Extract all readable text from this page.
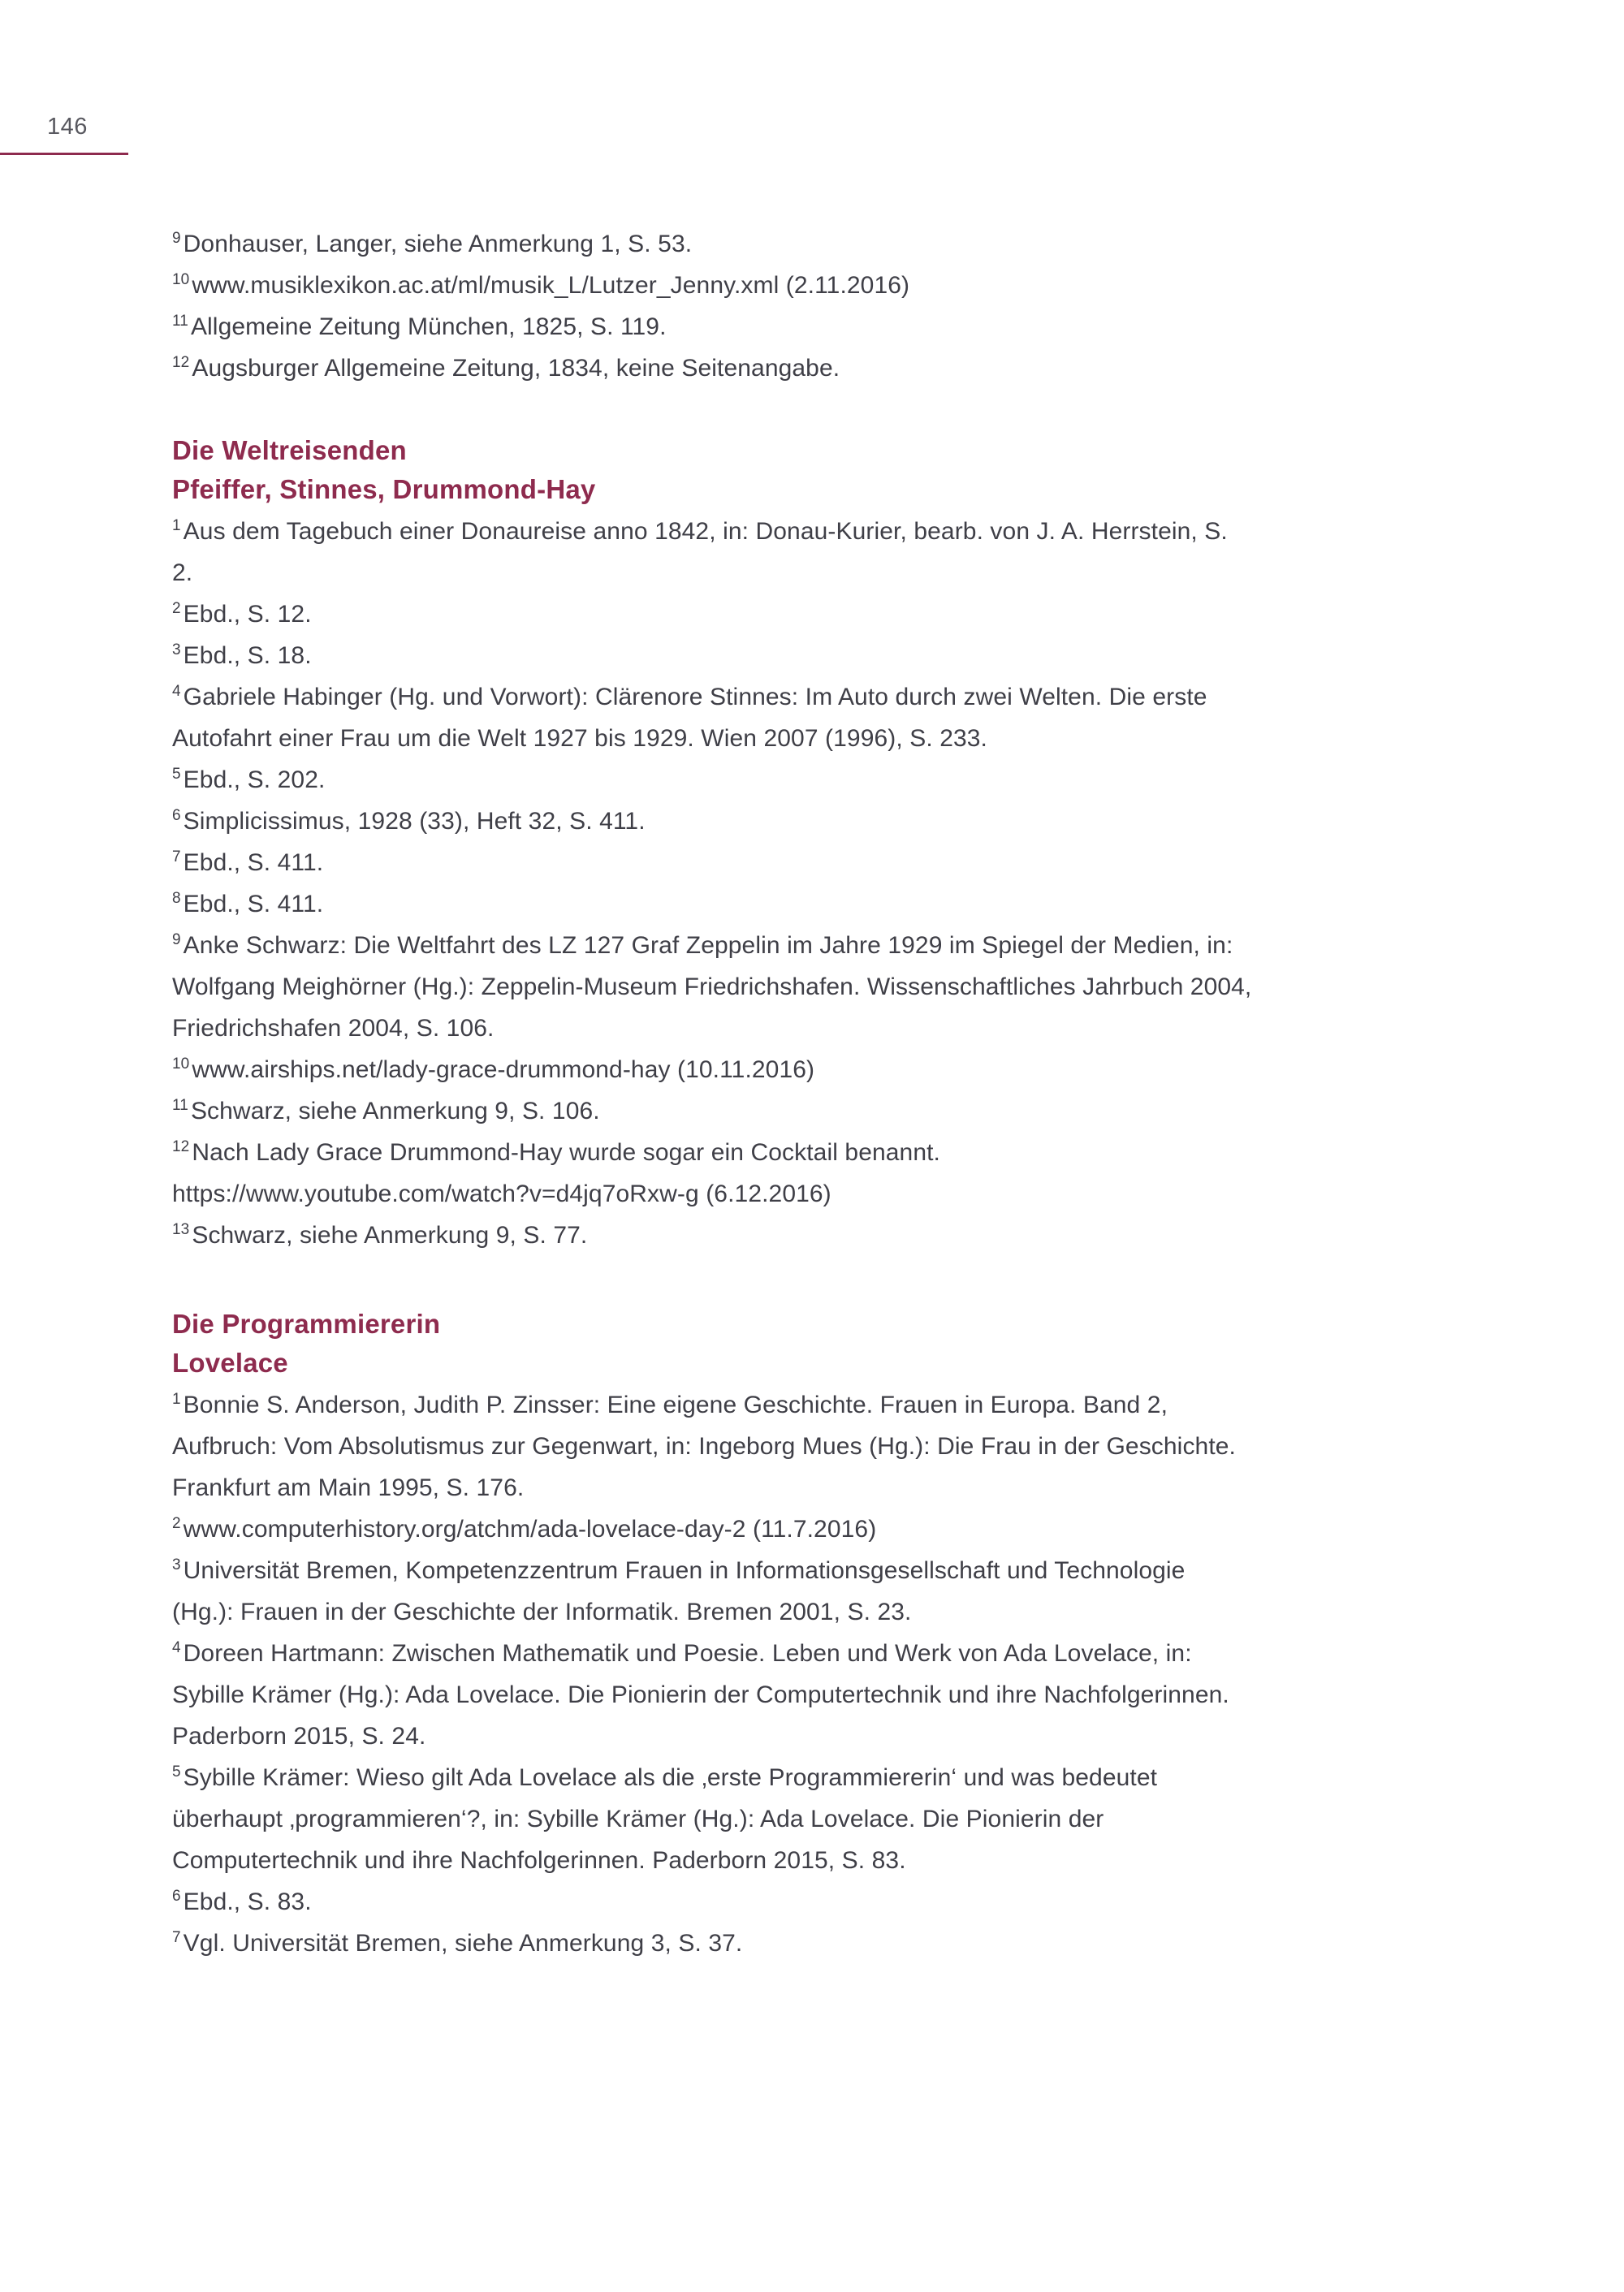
146

$^9$ Donhauser, Langer, siehe Anmerkung 1, S. 53.

$^{10}$ www.musiklexikon.ac.at/ml/musik_L/Lutzer_Jenny.xml (2.11.2016)

$^{11}$ Allgemeine Zeitung München, 1825, S. 119.

$^{12}$ Augsburger Allgemeine Zeitung, 1834, keine Seitenangabe.

Die Weltreisenden
Pfeiffer, Stinnes, Drummond-Hay

$^1$ Aus dem Tagebuch einer Donaureise anno 1842, in: Donau-Kurier, bearb. von J. A. Herrstein, S. 2.

$^2$ Ebd., S. 12.

$^3$ Ebd., S. 18.

$^4$ Gabriele Habinger (Hg. und Vorwort): Clärenore Stinnes: Im Auto durch zwei Welten. Die erste Autofahrt einer Frau um die Welt 1927 bis 1929. Wien 2007 (1996), S. 233.

$^5$ Ebd., S. 202.

$^6$ Simplicissimus, 1928 (33), Heft 32, S. 411.

$^7$ Ebd., S. 411.

$^8$ Ebd., S. 411.

$^9$ Anke Schwarz: Die Weltfahrt des LZ 127 Graf Zeppelin im Jahre 1929 im Spiegel der Medien, in: Wolfgang Meighörner (Hg.): Zeppelin-Museum Friedrichshafen. Wissenschaftliches Jahrbuch 2004, Friedrichshafen 2004, S. 106.

$^{10}$ www.airships.net/lady-grace-drummond-hay (10.11.2016)

$^{11}$ Schwarz, siehe Anmerkung 9, S. 106.

$^{12}$ Nach Lady Grace Drummond-Hay wurde sogar ein Cocktail benannt. https://www.youtube.com/watch?v=d4jq7oRxw-g (6.12.2016)

$^{13}$ Schwarz, siehe Anmerkung 9, S. 77.

Die Programmiererin
Lovelace

$^1$ Bonnie S. Anderson, Judith P. Zinsser: Eine eigene Geschichte. Frauen in Europa. Band 2, Aufbruch: Vom Absolutismus zur Gegenwart, in: Ingeborg Mues (Hg.): Die Frau in der Geschichte. Frankfurt am Main 1995, S. 176.

$^2$ www.computerhistory.org/atchm/ada-lovelace-day-2 (11.7.2016)

$^3$ Universität Bremen, Kompetenzzentrum Frauen in Informationsgesellschaft und Technologie (Hg.): Frauen in der Geschichte der Informatik. Bremen 2001, S. 23.

$^4$ Doreen Hartmann: Zwischen Mathematik und Poesie. Leben und Werk von Ada Lovelace, in: Sybille Krämer (Hg.): Ada Lovelace. Die Pionierin der Computertechnik und ihre Nachfolgerinnen. Paderborn 2015, S. 24.

$^5$ Sybille Krämer: Wieso gilt Ada Lovelace als die ‚erste Programmiererin‘ und was bedeutet überhaupt ‚programmieren‘?, in: Sybille Krämer (Hg.): Ada Lovelace. Die Pionierin der Computertechnik und ihre Nachfolgerinnen. Paderborn 2015, S. 83.

$^6$ Ebd., S. 83.

$^7$ Vgl. Universität Bremen, siehe Anmerkung 3, S. 37.
